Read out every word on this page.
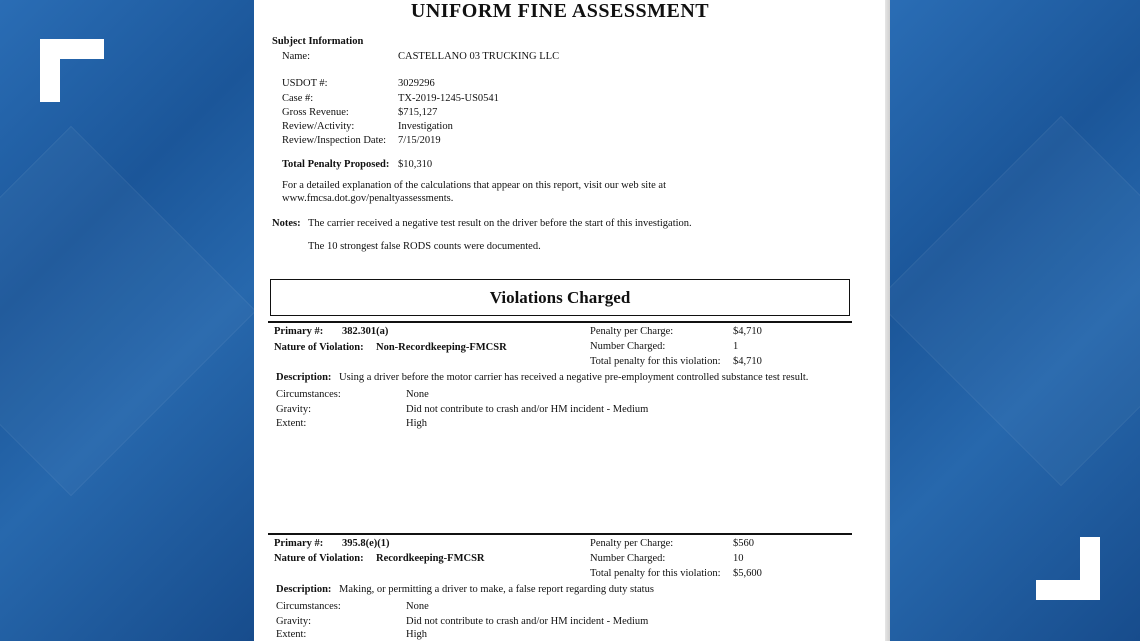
UNIFORM FINE ASSESSMENT
Subject Information
Name:	CASTELLANO 03 TRUCKING LLC
USDOT #:	3029296
Case #:	TX-2019-1245-US0541
Gross Revenue:	$715,127
Review/Activity:	Investigation
Review/Inspection Date: 7/15/2019
Total Penalty Proposed: $10,310
For a detailed explanation of the calculations that appear on this report, visit our web site at
www.fmcsa.dot.gov/penaltyassessments.
Notes: The carrier received a negative test result on the driver before the start of this investigation.
The 10 strongest false RODS counts were documented.
Violations Charged
Primary #: 382.301(a)
Nature of Violation: Non-Recordkeeping-FMCSR
Penalty per Charge:	$4,710
Number Charged:	1
Total penalty for this violation: $4,710
Description: Using a driver before the motor carrier has received a negative pre-employment controlled substance test result.
Circumstances:	None
Gravity:	Did not contribute to crash and/or HM incident - Medium
Extent:	High
Primary #: 395.8(e)(1)
Nature of Violation: Recordkeeping-FMCSR
Penalty per Charge:	$560
Number Charged:	10
Total penalty for this violation: $5,600
Description: Making, or permitting a driver to make, a false report regarding duty status
Circumstances:	None
Gravity:	Did not contribute to crash and/or HM incident - Medium
Extent:	High
